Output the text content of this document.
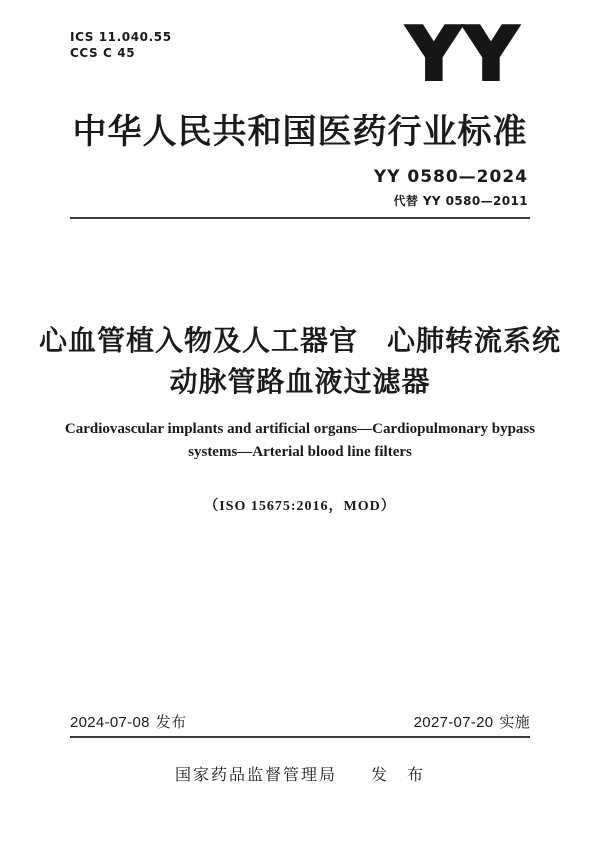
ICS 11.040.55
CCS C 45	YY
中华人民共和国医药行业标准
YY 0580—2024
代替 YY 0580—2011
心血管植入物及人工器官　心肺转流系统
动脉管路血液过滤器
Cardiovascular implants and artificial organs—Cardiopulmonary bypass
systems—Arterial blood line filters
（ISO 15675:2016，MOD）
2024-07-08 发布	2027-07-20 实施
国家药品监督管理局 发　布
